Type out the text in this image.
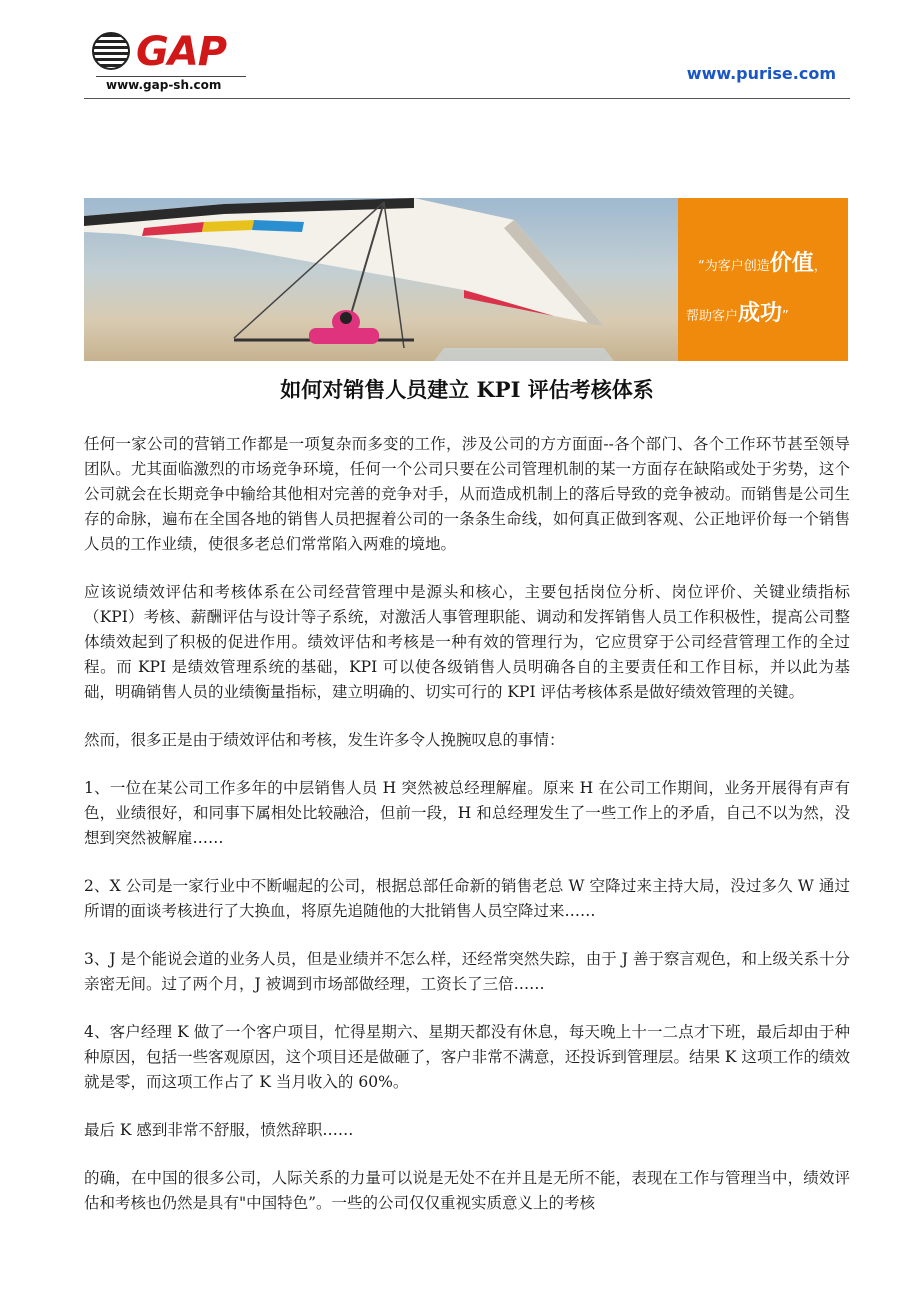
GAP
www.gap-sh.com
www.purise.com
“为客户创造价值，
帮助客户成功”
如何对销售人员建立 KPI 评估考核体系

任何一家公司的营销工作都是一项复杂而多变的工作，涉及公司的方方面面--各个部门、各个工作环节甚至领导团队。尤其面临激烈的市场竞争环境，任何一个公司只要在公司管理机制的某一方面存在缺陷或处于劣势，这个公司就会在长期竞争中输给其他相对完善的竞争对手，从而造成机制上的落后导致的竞争被动。而销售是公司生存的命脉，遍布在全国各地的销售人员把握着公司的一条条生命线，如何真正做到客观、公正地评价每一个销售人员的工作业绩，使很多老总们常常陷入两难的境地。

应该说绩效评估和考核体系在公司经营管理中是源头和核心，主要包括岗位分析、岗位评价、关键业绩指标（KPI）考核、薪酬评估与设计等子系统，对激活人事管理职能、调动和发挥销售人员工作积极性，提高公司整体绩效起到了积极的促进作用。绩效评估和考核是一种有效的管理行为，它应贯穿于公司经营管理工作的全过程。而 KPI 是绩效管理系统的基础，KPI 可以使各级销售人员明确各自的主要责任和工作目标，并以此为基础，明确销售人员的业绩衡量指标，建立明确的、切实可行的 KPI 评估考核体系是做好绩效管理的关键。

然而，很多正是由于绩效评估和考核，发生许多令人挽腕叹息的事情：

1、一位在某公司工作多年的中层销售人员 H 突然被总经理解雇。原来 H 在公司工作期间，业务开展得有声有色，业绩很好，和同事下属相处比较融洽，但前一段，H 和总经理发生了一些工作上的矛盾，自己不以为然，没想到突然被解雇……

2、X 公司是一家行业中不断崛起的公司，根据总部任命新的销售老总 W 空降过来主持大局，没过多久 W 通过所谓的面谈考核进行了大换血，将原先追随他的大批销售人员空降过来……

3、J 是个能说会道的业务人员，但是业绩并不怎么样，还经常突然失踪，由于 J 善于察言观色，和上级关系十分亲密无间。过了两个月，J 被调到市场部做经理，工资长了三倍……

4、客户经理 K 做了一个客户项目，忙得星期六、星期天都没有休息，每天晚上十一二点才下班，最后却由于种种原因，包括一些客观原因，这个项目还是做砸了，客户非常不满意，还投诉到管理层。结果 K 这项工作的绩效就是零，而这项工作占了 K 当月收入的 60%。

最后 K 感到非常不舒服，愤然辞职……

的确，在中国的很多公司，人际关系的力量可以说是无处不在并且是无所不能，表现在工作与管理当中，绩效评估和考核也仍然是具有"中国特色”。一些的公司仅仅重视实质意义上的考核
